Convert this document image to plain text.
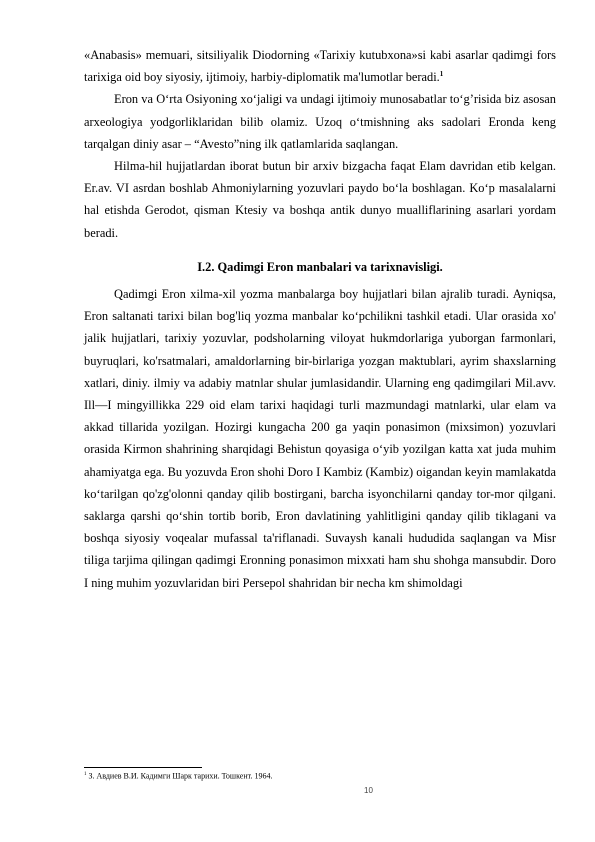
«Anabasis» memuari, sitsiliyalik Diodorning «Tarixiy kutubxona»si kabi asarlar qadimgi fors tarixiga oid boy siyosiy, ijtimoiy, harbiy-diplomatik ma'lumotlar beradi.$^1$

Eron va O‘rta Osiyoning xo‘jaligi va undagi ijtimoiy munosabatlar to‘g’risida biz asosan arxeologiya yodgorliklaridan bilib olamiz. Uzoq o‘tmishning aks sadolari Eronda keng tarqalgan diniy asar – “Avesto”ning ilk qatlamlarida saqlangan.

Hilma-hil hujjatlardan iborat butun bir arxiv bizgacha faqat Elam davridan etib kelgan. Er.av. VI asrdan boshlab Ahmoniylarning yozuvlari paydo bo‘la boshlagan. Ko‘p masalalarni hal etishda Gerodot, qisman Ktesiy va boshqa antik dunyo mualliflarining asarlari yordam beradi.

I.2. Qadimgi Eron manbalari va tarixnavisligi.

Qadimgi Eron xilma-xil yozma manbalarga boy hujjatlari bilan ajralib turadi. Ayniqsa, Eron saltanati tarixi bilan bog'liq yozma manbalar ko‘pchilikni tashkil etadi. Ular orasida xo' jalik hujjatlari, tarixiy yozuvlar, podsholarning viloyat hukmdorlariga yuborgan farmonlari, buyruqlari, ko'rsatmalari, amaldorlarning bir-birlariga yozgan maktublari, ayrim shaxslarning xatlari, diniy. ilmiy va adabiy matnlar shular jumlasidandir. Ularning eng qadimgilari Mil.avv. Ill—I mingyillikka 229 oid elam tarixi haqidagi turli mazmundagi matnlarki, ular elam va akkad tillarida yozilgan. Hozirgi kungacha 200 ga yaqin ponasimon (mixsimon) yozuvlari orasida Kirmon shahrining sharqidagi Behistun qoyasiga o‘yib yozilgan katta xat juda muhim ahamiyatga ega. Bu yozuvda Eron shohi Doro I Kambiz (Kambiz) oigandan keyin mamlakatda ko‘tarilgan qo'zg'olonni qanday qilib bostirgani, barcha isyonchilarni qanday tor-mor qilgani. saklarga qarshi qo‘shin tortib borib, Eron davlatining yahlitligini qanday qilib tiklagani va boshqa siyosiy voqealar mufassal ta'riflanadi. Suvaysh kanali hududida saqlangan va Misr tiliga tarjima qilingan qadimgi Eronning ponasimon mixxati ham shu shohga mansubdir. Doro I ning muhim yozuvlaridan biri Persepol shahridan bir necha km shimoldagi

$^1$ З. Авдиев В.И. Кадимги Шарк тарихи. Тошкент. 1964.
10
